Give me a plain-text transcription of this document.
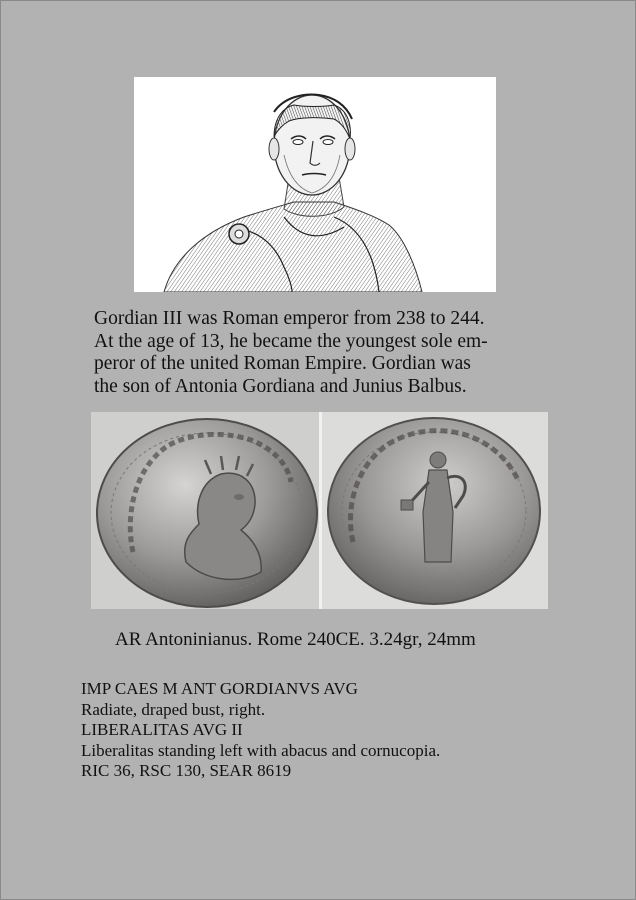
Gordian III was Roman emperor from 238 to 244.
At the age of 13, he became the youngest sole em-
peror of the united Roman Empire. Gordian was
the son of Antonia Gordiana and Junius Balbus.
AR Antoninianus. Rome 240CE. 3.24gr, 24mm
IMP CAES M ANT GORDIANVS AVG
Radiate, draped bust, right.
LIBERALITAS AVG II
Liberalitas standing left with abacus and cornucopia.
RIC 36, RSC 130, SEAR 8619
